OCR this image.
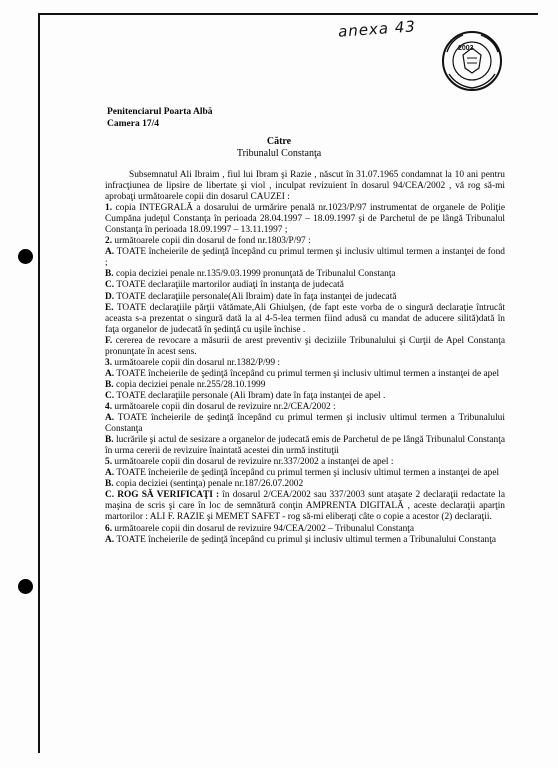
anexa 43
2003
Penitenciarul Poarta Albă
Camera 17/4
Către
Tribunalul Constanţa

Subsemnatul Ali Ibraim , fiul lui Ibram şi Razie , născut în 31.07.1965 condamnat la 10 ani pentru infracţiunea de lipsire de libertate şi viol , inculpat revizuient în dosarul 94/CEA/2002 , vă rog să-mi aprobaţi următoarele copii din dosarul CAUZEI :

1. copia INTEGRALĂ a dosarului de urmărire penală nr.1023/P/97 instrumentat de organele de Poliţie Cumpăna judeţul Constanţa în perioada 28.04.1997 – 18.09.1997 şi de Parchetul de pe lângă Tribunalul Constanţa în perioada 18.09.1997 – 13.11.1997 ;

2. următoarele copii din dosarul de fond nr.1803/P/97 :

A. TOATE încheierile de şedinţă începând cu primul termen şi inclusiv ultimul termen a instanţei de fond ;

B. copia deciziei penale nr.135/9.03.1999 pronunţată de Tribunalul Constanţa

C. TOATE declaraţiile martorilor audiaţi în instanţa de judecată

D. TOATE declaraţiile personale(Ali Ibraim) date în faţa instanţei de judecată

E. TOATE declaraţiile părţii vătămate,Ali Ghiulşen, (de fapt este vorba de o singură declaraţie întrucât aceasta s-a prezentat o singură dată la al 4-5-lea termen fiind adusă cu mandat de aducere silită)dată în faţa organelor de judecată în şedinţă cu uşile închise .

F. cererea de revocare a măsurii de arest preventiv şi deciziile Tribunalului şi Curţii de Apel Constanţa pronunţate în acest sens.

3. următoarele copii din dosarul nr.1382/P/99 :

A. TOATE încheierile de şedinţă începând cu primul termen şi inclusiv ultimul termen a instanţei de apel

B. copia deciziei penale nr.255/28.10.1999

C. TOATE declaraţiile personale (Ali Ibram) date în faţa instanţei de apel .

4. următoarele copii din dosarul de revizuire nr.2/CEA/2002 :

A. TOATE încheierile de şedinţă începând cu primul termen şi inclusiv ultimul termen a Tribunalului Constanţa

B. lucrările şi actul de sesizare a organelor de judecată emis de Parchetul de pe lângă Tribunalul Constanţa în urma cererii de revizuire înaintată acestei din urmă instituţii

5. următoarele copii din dosarul de revizuire nr.337/2002 a instanţei de apel :

A. TOATE încheierile de şedinţă începând cu primul termen şi inclusiv ultimul termen a instanţei de apel

B. copia deciziei (sentinţa) penale nr.187/26.07.2002

C. ROG SĂ VERIFICAŢI : în dosarul 2/CEA/2002 sau 337/2003 sunt ataşate 2 declaraţii redactate la maşina de scris şi care în loc de semnătură conţin AMPRENTA DIGITALĂ , aceste declaraţii aparţin martorilor : ALI F. RAZIE şi MEMET SAFET - rog să-mi eliberaţi câte o copie a acestor (2) declaraţii.

6. următoarele copii din dosarul de revizuire 94/CEA/2002 – Tribunalul Constanţa

A. TOATE încheierile de şedinţă începând cu primul şi inclusiv ultimul termen a Tribunalului Constanţa
